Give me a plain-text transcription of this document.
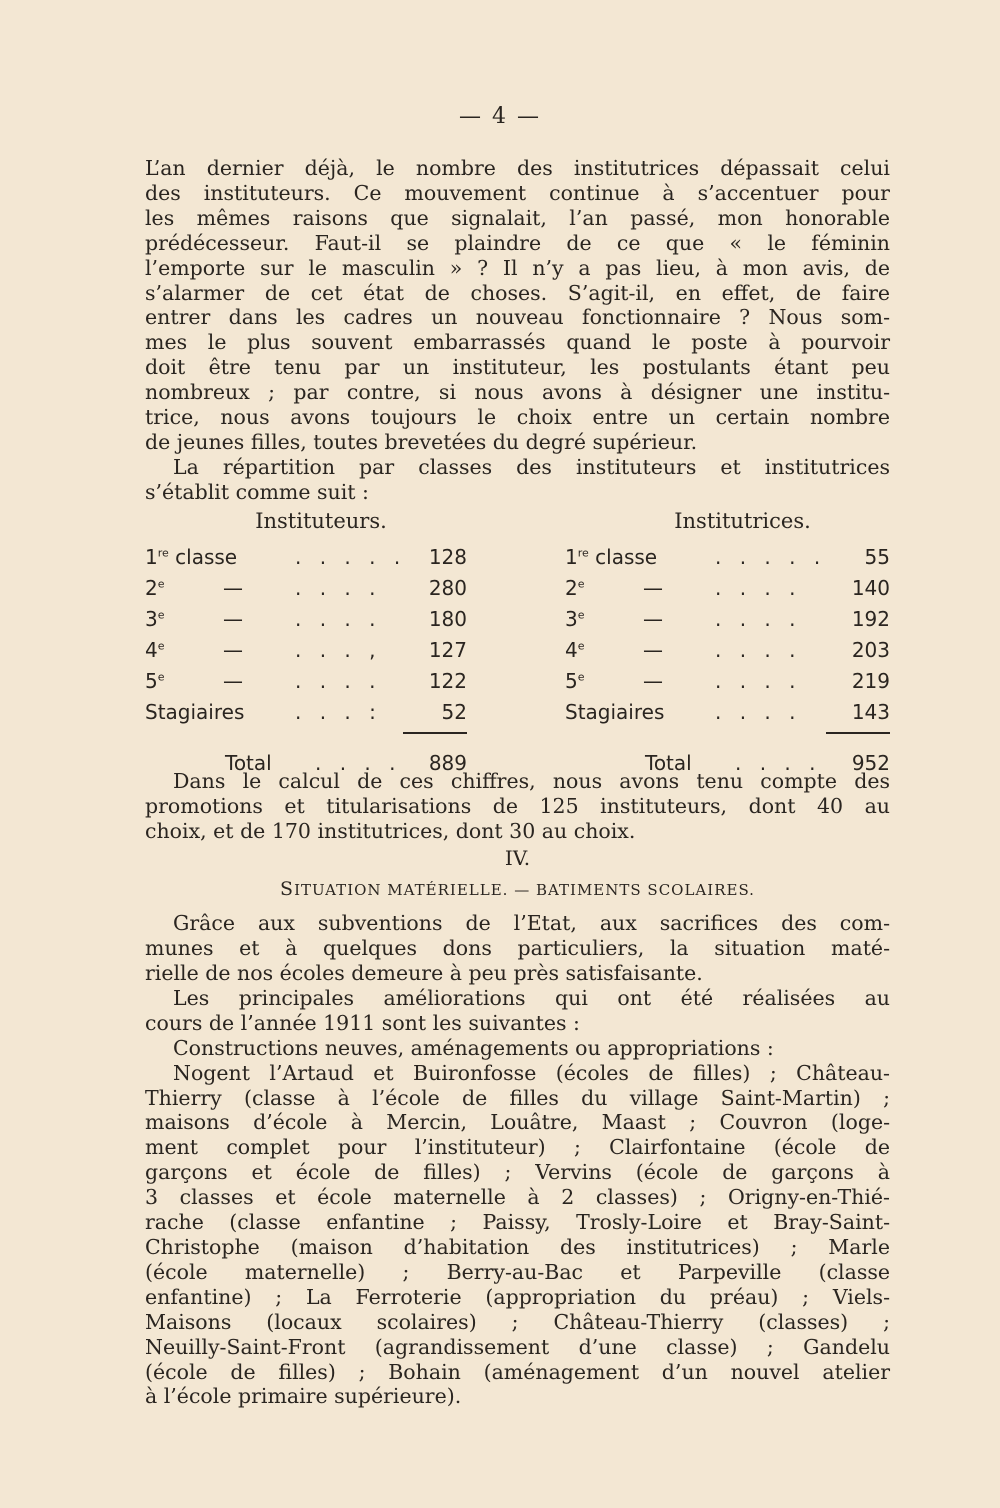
— 4 —

L’an dernier déjà, le nombre des institutrices dépassait celui

des instituteurs. Ce mouvement continue à s’accentuer pour

les mêmes raisons que signalait, l’an passé, mon honorable

prédécesseur. Faut-il se plaindre de ce que « le féminin

l’emporte sur le masculin » ? Il n’y a pas lieu, à mon avis, de

s’alarmer de cet état de choses. S’agit-il, en effet, de faire

entrer dans les cadres un nouveau fonctionnaire ? Nous som-

mes le plus souvent embarrassés quand le poste à pourvoir

doit être tenu par un instituteur, les postulants étant peu

nombreux ; par contre, si nous avons à désigner une institu-

trice, nous avons toujours le choix entre un certain nombre

de jeunes filles, toutes brevetées du degré supérieur.

La répartition par classes des instituteurs et institutrices

s’établit comme suit :

Instituteurs.
1re classe	. . . . . 128
2e	—	. . . . 280
3e	—	. . . . 180
4e	—	. . . , 127
5e	—	. . . . 122
Stagiaires	. . . :	52
Total . . . . 889
Institutrices.
1re classe	. . . . . 55
2e	—	. . . .	140
3e	—	. . . .	192
4e	—	. . . .	203
5e	—	. . . .	219
Stagiaires	. . . .	143
Total . . . . 952

Dans le calcul de ces chiffres, nous avons tenu compte des

promotions et titularisations de 125 instituteurs, dont 40 au

choix, et de 170 institutrices, dont 30 au choix.

IV.
SITUATION MATÉRIELLE. — BATIMENTS SCOLAIRES.

Grâce aux subventions de l’Etat, aux sacrifices des com-

munes et à quelques dons particuliers, la situation maté-

rielle de nos écoles demeure à peu près satisfaisante.

Les principales améliorations qui ont été réalisées au

cours de l’année 1911 sont les suivantes :

Constructions neuves, aménagements ou appropriations :

Nogent l’Artaud et Buironfosse (écoles de filles) ; Château-

Thierry (classe à l’école de filles du village Saint-Martin) ;

maisons d’école à Mercin, Louâtre, Maast ; Couvron (loge-

ment complet pour l’instituteur) ; Clairfontaine (école de

garçons et école de filles) ; Vervins (école de garçons à

3 classes et école maternelle à 2 classes) ; Origny-en-Thié-

rache (classe enfantine ; Paissy, Trosly-Loire et Bray-Saint-

Christophe (maison d’habitation des institutrices) ; Marle

(école maternelle) ; Berry-au-Bac et Parpeville (classe

enfantine) ; La Ferroterie (appropriation du préau) ; Viels-

Maisons (locaux scolaires) ; Château-Thierry (classes) ;

Neuilly-Saint-Front (agrandissement d’une classe) ; Gandelu

(école de filles) ; Bohain (aménagement d’un nouvel atelier

à l’école primaire supérieure).
